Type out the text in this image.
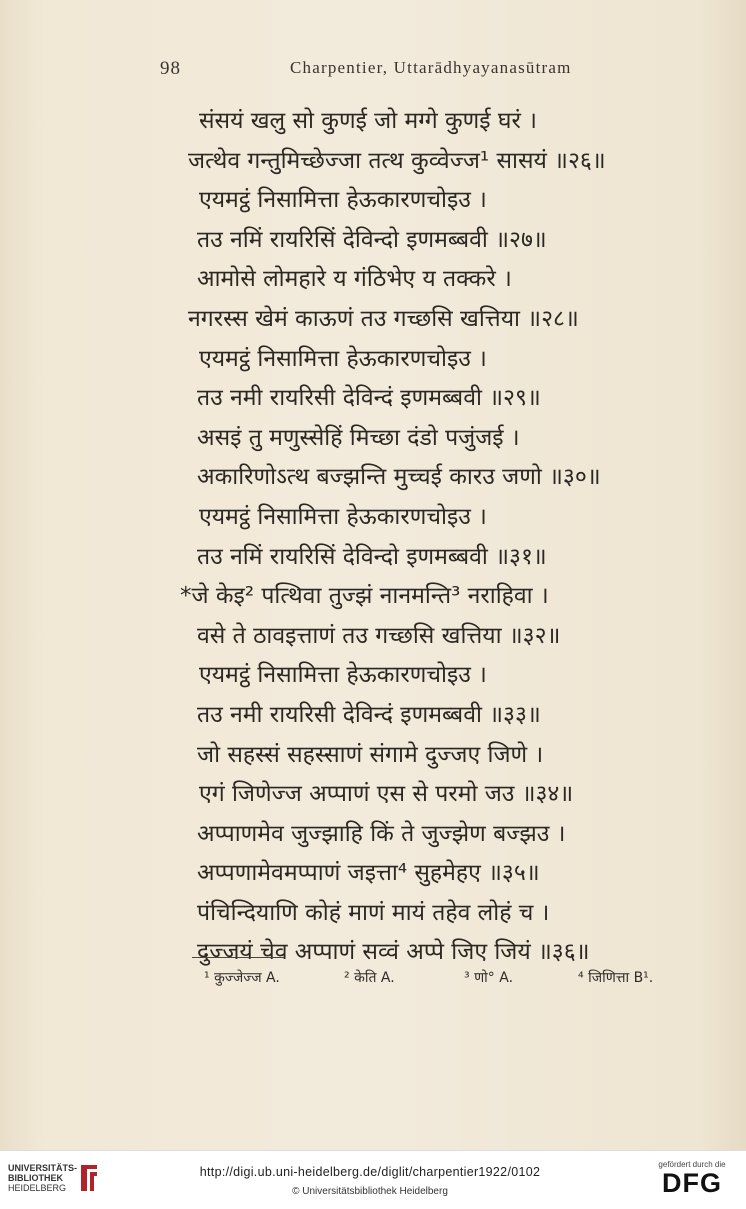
98	Charpentier, Uttarādhyayanasūtram
संसयं खलु सो कुणई जो मग्गे कुणई घरं ।
जत्थेव गन्तुमिच्छेज्जा तत्थ कुव्वेज्ज¹ सासयं ॥२६॥
एयमट्ठं निसामित्ता हेऊकारणचोइउ ।
तउ नमिं रायरिसिं देविन्दो इणमब्बवी ॥२७॥
आमोसे लोमहारे य गंठिभेए य तक्करे ।
नगरस्स खेमं काऊणं तउ गच्छसि खत्तिया ॥२८॥
एयमट्ठं निसामित्ता हेऊकारणचोइउ ।
तउ नमी रायरिसी देविन्दं इणमब्बवी ॥२९॥
असइं तु मणुस्सेहिं मिच्छा दंडो पजुंजई ।
अकारिणोऽत्थ बज्झन्ति मुच्चई कारउ जणो ॥३०॥
एयमट्ठं निसामित्ता हेऊकारणचोइउ ।
तउ नमिं रायरिसिं देविन्दो इणमब्बवी ॥३१॥
*जे केइ² पत्थिवा तुज्झं नानमन्ति³ नराहिवा ।
वसे ते ठावइत्ताणं तउ गच्छसि खत्तिया ॥३२॥
एयमट्ठं निसामित्ता हेऊकारणचोइउ ।
तउ नमी रायरिसी देविन्दं इणमब्बवी ॥३३॥
जो सहस्सं सहस्साणं संगामे दुज्जए जिणे ।
एगं जिणेज्ज अप्पाणं एस से परमो जउ ॥३४॥
अप्पाणमेव जुज्झाहि किं ते जुज्झेण बज्झउ ।
अप्पणामेवमप्पाणं जइत्ता⁴ सुहमेहए ॥३५॥
पंचिन्दियाणि कोहं माणं मायं तहेव लोहं च ।
दुज्जयं चेव अप्पाणं सव्वं अप्पे जिए जियं ॥३६॥
¹ कुज्जेज्ज A.	² केति A.	³ णो° A.	⁴ जिणित्ता B¹.
UNIVERSITÄTS-
BIBLIOTHEK
HEIDELBERG
http://digi.ub.uni-heidelberg.de/diglit/charpentier1922/0102
© Universitätsbibliothek Heidelberg
gefördert durch die
DFG
